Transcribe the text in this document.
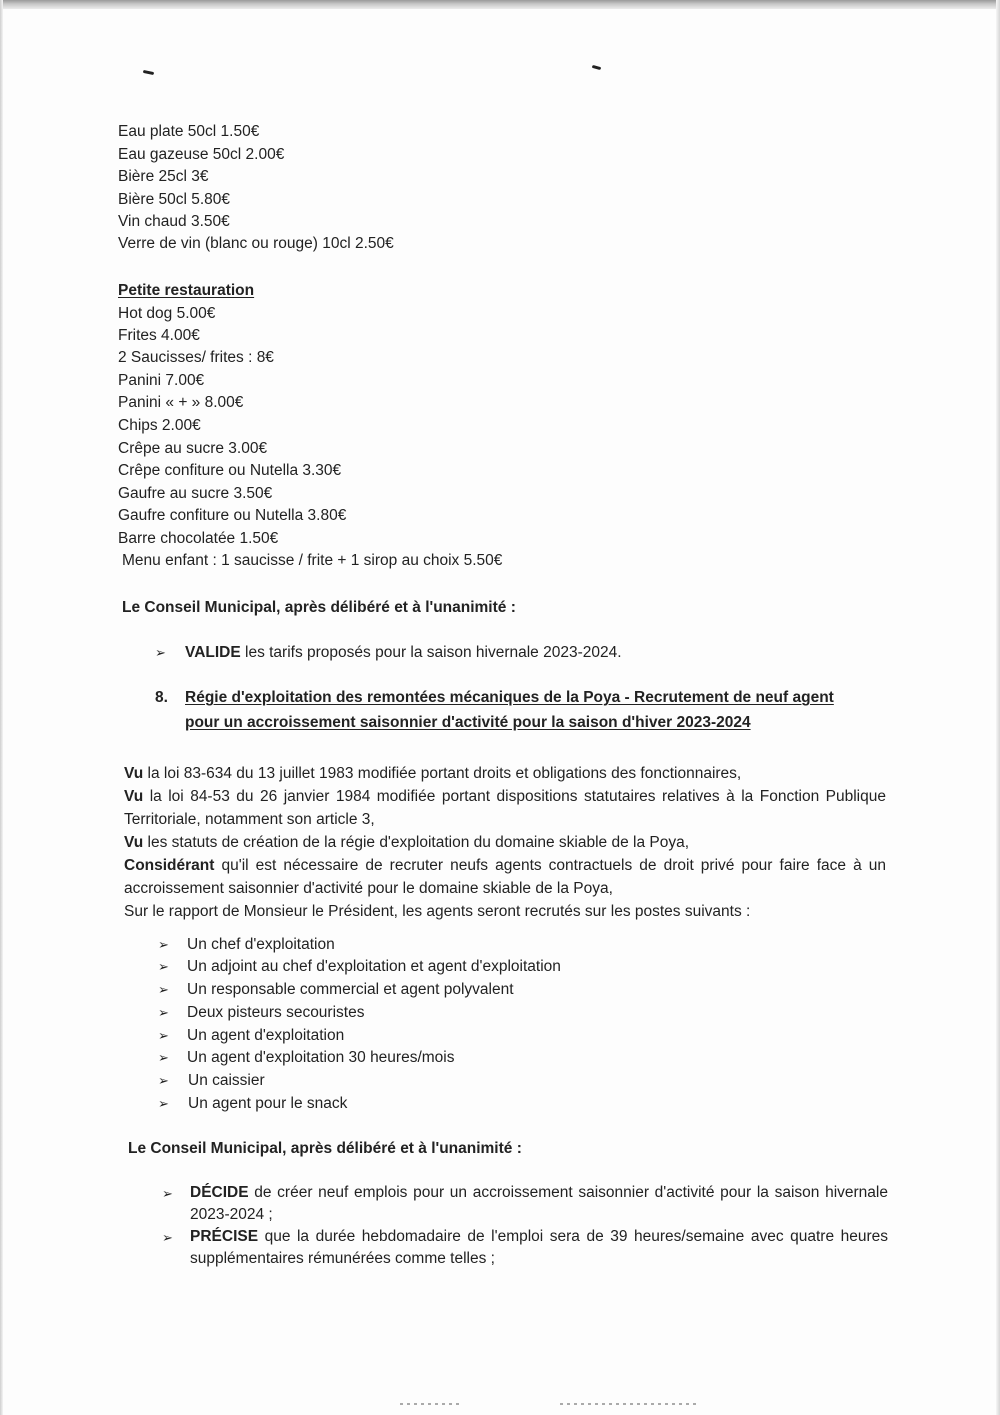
Eau plate 50cl 1.50€
Eau gazeuse 50cl 2.00€
Bière 25cl 3€
Bière 50cl 5.80€
Vin chaud 3.50€
Verre de vin (blanc ou rouge) 10cl 2.50€
Petite restauration
Hot dog 5.00€
Frites 4.00€
2 Saucisses/ frites : 8€
Panini 7.00€
Panini « + » 8.00€
Chips 2.00€
Crêpe au sucre 3.00€
Crêpe confiture ou Nutella 3.30€
Gaufre au sucre 3.50€
Gaufre confiture ou Nutella 3.80€
Barre chocolatée 1.50€
Menu enfant : 1 saucisse / frite + 1 sirop au choix 5.50€
Le Conseil Municipal, après délibéré et à l'unanimité :
➢ VALIDE les tarifs proposés pour la saison hivernale 2023-2024.
8. Régie d'exploitation des remontées mécaniques de la Poya - Recrutement de neuf agent
pour un accroissement saisonnier d'activité pour la saison d'hiver 2023-2024
Vu la loi 83-634 du 13 juillet 1983 modifiée portant droits et obligations des fonctionnaires,
Vu la loi 84-53 du 26 janvier 1984 modifiée portant dispositions statutaires relatives à la Fonction Publique Territoriale, notamment son article 3,
Vu les statuts de création de la régie d'exploitation du domaine skiable de la Poya,
Considérant qu'il est nécessaire de recruter neufs agents contractuels de droit privé pour faire face à un accroissement saisonnier d'activité pour le domaine skiable de la Poya,
Sur le rapport de Monsieur le Président, les agents seront recrutés sur les postes suivants :
➢ Un chef d'exploitation
➢ Un adjoint au chef d'exploitation et agent d'exploitation
➢ Un responsable commercial et agent polyvalent
➢ Deux pisteurs secouristes
➢ Un agent d'exploitation
➢ Un agent d'exploitation 30 heures/mois
➢ Un caissier
➢ Un agent pour le snack
Le Conseil Municipal, après délibéré et à l'unanimité :
➢ DÉCIDE de créer neuf emplois pour un accroissement saisonnier d'activité pour la saison hivernale 2023-2024 ;
➢ PRÉCISE que la durée hebdomadaire de l'emploi sera de 39 heures/semaine avec quatre heures supplémentaires rémunérées comme telles ;
